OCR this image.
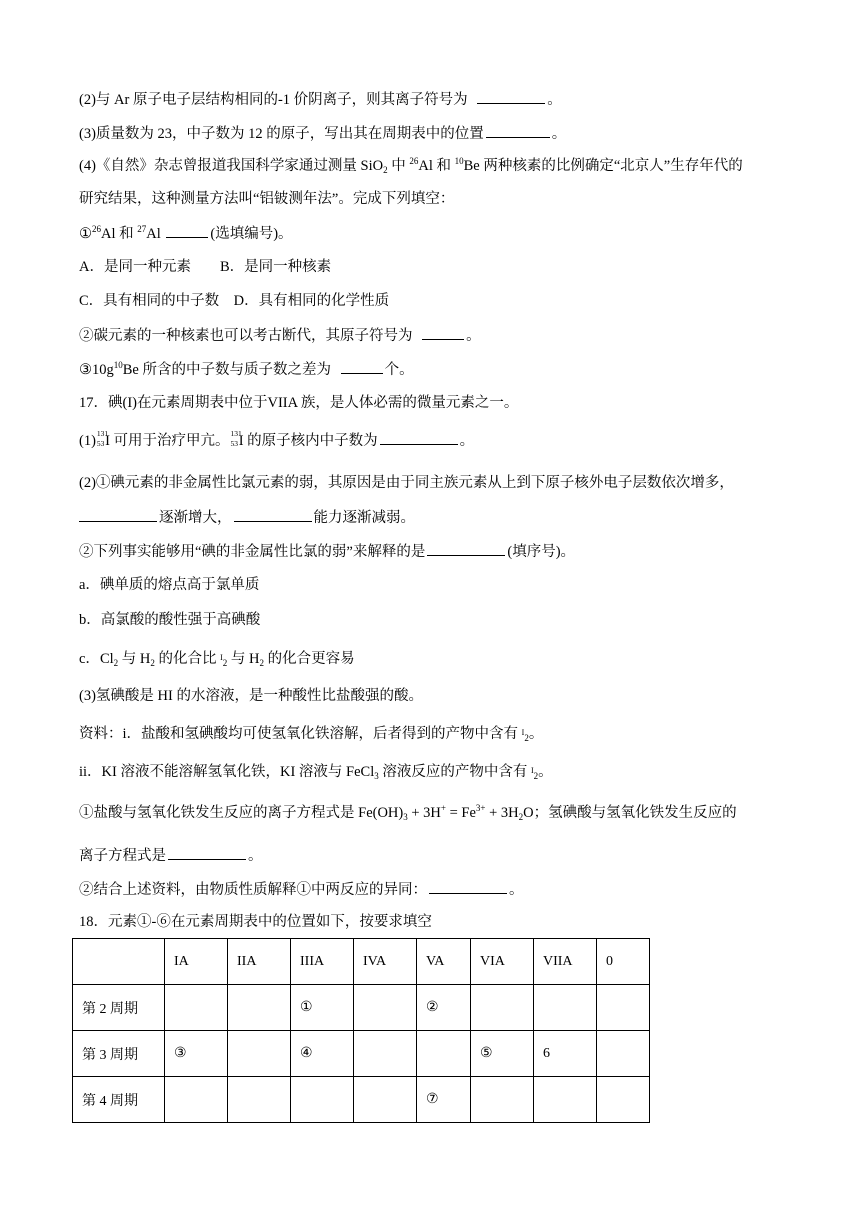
(2)与 Ar 原子电子层结构相同的-1 价阴离子，则其离子符号为	。
(3)质量数为 23，中子数为 12 的原子，写出其在周期表中的位置	。
(4)《自然》杂志曾报道我国科学家通过测量 SiO$_2$ 中 $^{26}$Al 和 $^{10}$Be 两种核素的比例确定“北京人”生存年代的
研究结果，这种测量方法叫“铝铍测年法”。完成下列填空：
①$^{26}$Al 和 $^{27}$Al	(选填编号)。
A．是同一种元素　　B．是同一种核素
C．具有相同的中子数　D．具有相同的化学性质
②碳元素的一种核素也可以考古断代，其原子符号为	。
$③10g^{10}Be$ 所含的中子数与质子数之差为	个。
17．碘(I)在元素周期表中位于VIIA 族，是人体必需的微量元素之一。
(1) 131
53 I 可用于治疗甲亢。 131
53 I 的原子核内中子数为	。
(2)①碘元素的非金属性比氯元素的弱，其原因是由于同主族元素从上到下原子核外电子层数依次增多，
逐渐增大，	能力逐渐减弱。
②下列事实能够用“碘的非金属性比氯的弱”来解释的是	(填序号)。
a．碘单质的熔点高于氯单质
b．高氯酸的酸性强于高碘酸
c．$Cl_2$ 与 $H_2$ 的化合比 $^I_2$ 与 $H_2$ 的化合更容易
(3)氢碘酸是 HI 的水溶液，是一种酸性比盐酸强的酸。
资料：i．盐酸和氢碘酸均可使氢氧化铁溶解，后者得到的产物中含有 $^I_2$。
ii．KI 溶液不能溶解氢氧化铁，KI 溶液与 FeCl$_3$ 溶液反应的产物中含有 $^I_2$。
①盐酸与氢氧化铁发生反应的离子方程式是 $Fe(OH)_3 + 3H^+ = Fe^{3+} + 3H_2O$；氢碘酸与氢氧化铁发生反应的
离子方程式是	。
②结合上述资料，由物质性质解释①中两反应的异同：	。
18．元素①-⑥在元素周期表中的位置如下，按要求填空
	IA	IIA	IIIA	IVA	VA	VIA	VIIA	0
第 2 周期			①		②			
第 3 周期	③		④			⑤	6	
第 4 周期					⑦			
